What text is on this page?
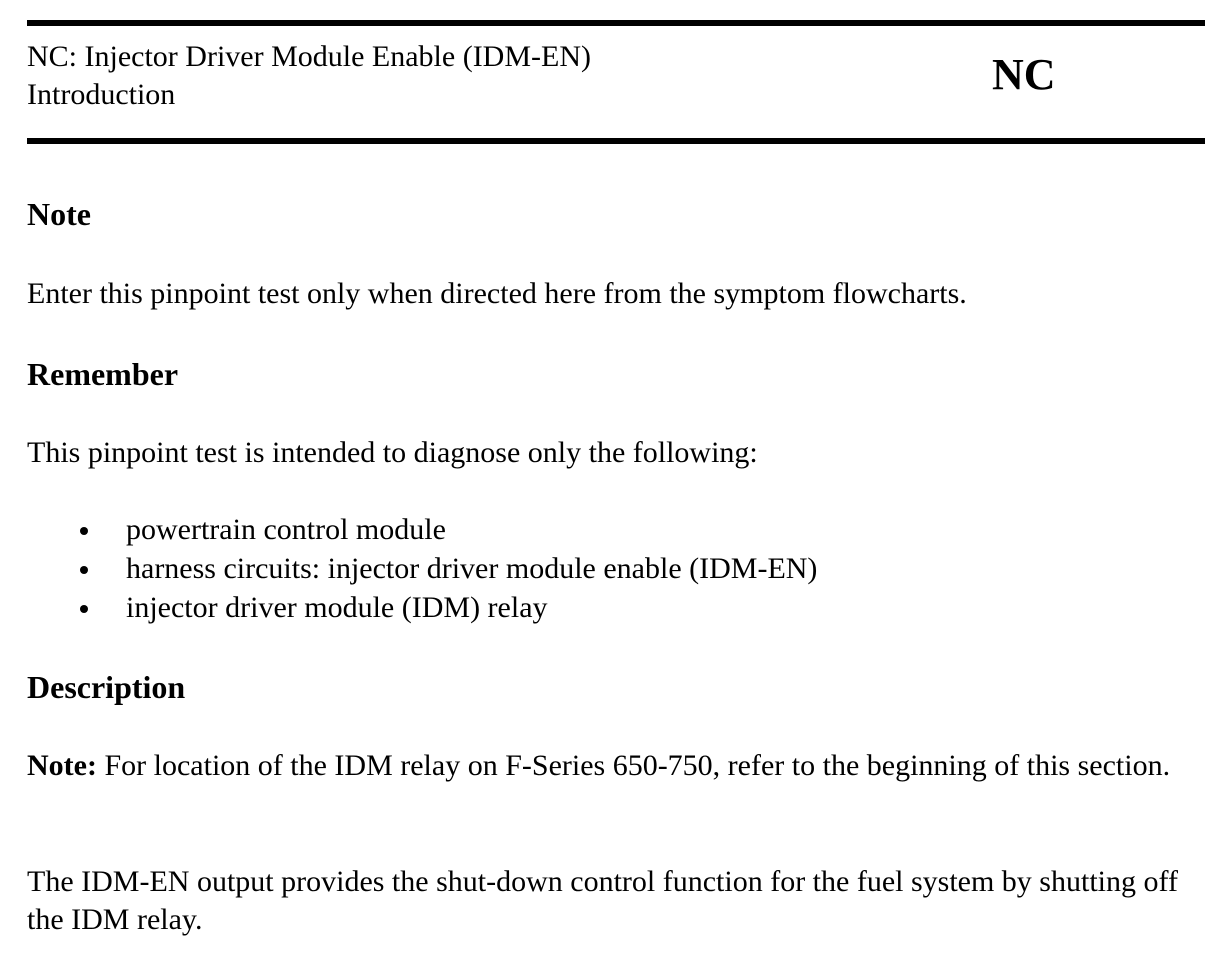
NC: Injector Driver Module Enable (IDM-EN)
Introduction	NC
Note
Enter this pinpoint test only when directed here from the symptom flowcharts.
Remember
This pinpoint test is intended to diagnose only the following:
powertrain control module
harness circuits: injector driver module enable (IDM-EN)
injector driver module (IDM) relay
Description
Note: For location of the IDM relay on F-Series 650-750, refer to the beginning of this section.
The IDM-EN output provides the shut-down control function for the fuel system by shutting off the IDM relay.
